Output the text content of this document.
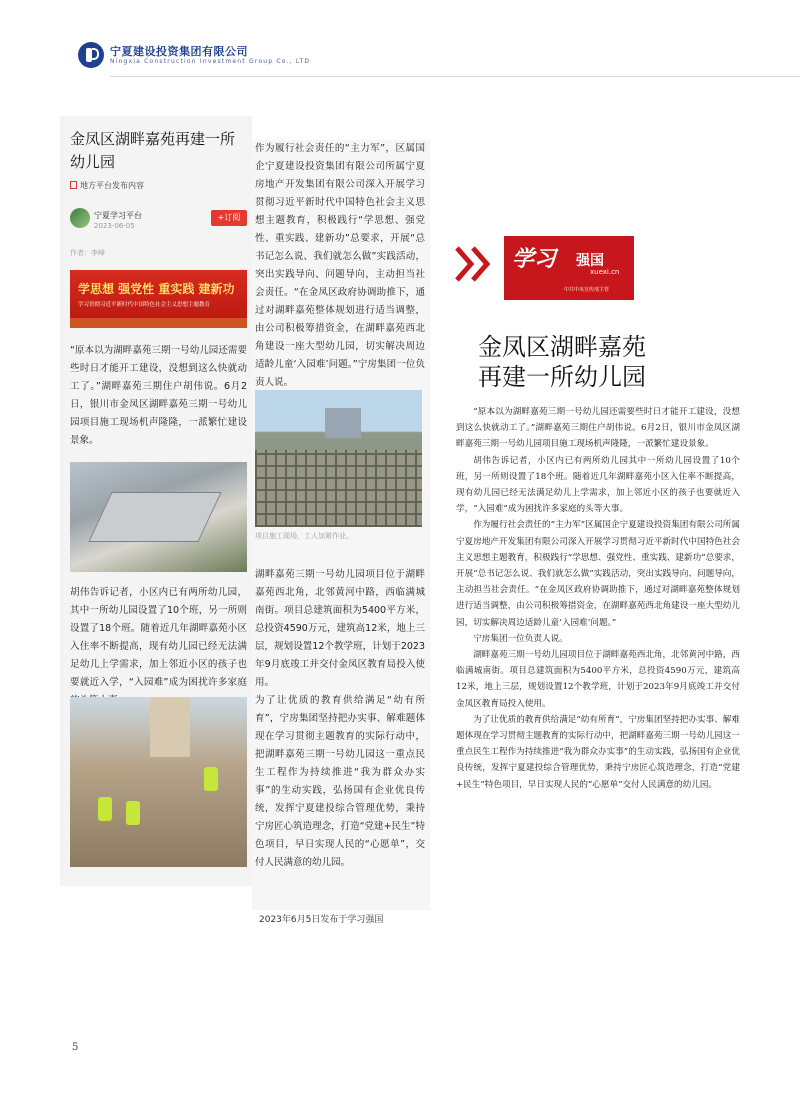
宁夏建设投资集团有限公司
Ningxia Construction Investment Group Co., LTD
金凤区湖畔嘉苑再建一所幼儿园
地方平台发布内容
宁夏学习平台
2023-06-05
+订阅
作者：李峰
学思想 强党性 重实践 建新功
学习贯彻习近平新时代中国特色社会主义思想主题教育
“原本以为湖畔嘉苑三期一号幼儿园还需要些时日才能开工建设，没想到这么快就动工了。”湖畔嘉苑三期住户胡伟说。6月2日，银川市金凤区湖畔嘉苑三期一号幼儿园项目施工现场机声隆隆，一派繁忙建设景象。
胡伟告诉记者，小区内已有两所幼儿园，其中一所幼儿园设置了10个班，另一所则设置了18个班。随着近几年湖畔嘉苑小区入住率不断提高，现有幼儿园已经无法满足幼儿上学需求，加上邻近小区的孩子也要就近入学，“入园难”成为困扰许多家庭
作为履行社会责任的“主力军”，区属国企宁夏建设投资集团有限公司所属宁夏房地产开发集团有限公司深入开展学习贯彻习近平新时代中国特色社会主义思想主题教育，积极践行“学思想、强党性、重实践、建新功”总要求，开展“总书记怎么说、我们就怎么做”实践活动，突出实践导向、问题导向，主动担当社会责任。“在金凤区政府协调助推下，通过对湖畔嘉苑整体规划进行适当调整，由公司积极筹措资金，在湖畔嘉苑西北角建设一座大型幼儿园，切实解决周边适龄儿童‘入园难’问题。”宁房集团一位负责人说。
项目施工现场，工人加紧作业。
湖畔嘉苑三期一号幼儿园项目位于湖畔嘉苑西北角，北邻黄河中路，西临满城南街。项目总建筑面积为5400平方米，总投资4590万元，建筑高12米，地上三层，规划设置12个教学班，计划于2023年9月底竣工并交付金凤区教育局投入使用。
为了让优质的教育供给满足“幼有所育”，宁房集团坚持把办实事、解难题体现在学习贯彻主题教育的实际行动中，把湖畔嘉苑三期一号幼儿园这一重点民生工程作为持续推进“我为群众办实事”的生动实践，弘扬国有企业优良传统，发挥宁夏建投综合管理优势，秉持宁房匠心筑造理念，打造“党建+民生”特色项目，早日实现人民的“心愿单”，交付人民满意的幼儿园。
2023年6月5日发布于学习强国
学习 强国
xuexi.cn
中共中央宣传部主管
金凤区湖畔嘉苑
再建一所幼儿园

“原本以为湖畔嘉苑三期一号幼儿园还需要些时日才能开工建设，没想到这么快就动工了。”湖畔嘉苑三期住户胡伟说。6月2日，银川市金凤区湖畔嘉苑三期一号幼儿园项目施工现场机声隆隆，一派繁忙建设景象。

胡伟告诉记者，小区内已有两所幼儿园其中一所幼儿园设置了10个班，另一所则设置了18个班。随着近几年湖畔嘉苑小区入住率不断提高，现有幼儿园已经无法满足幼儿上学需求，加上邻近小区的孩子也要就近入学，“入园难”成为困扰许多家庭的头等大事。

作为履行社会责任的“主力军”区属国企宁夏建设投资集团有限公司所属宁夏房地产开发集团有限公司深入开展学习贯彻习近平新时代中国特色社会主义思想主题教育，积极践行“学思想、强党性、重实践、建新功”总要求，开展“总书记怎么说、我们就怎么做”实践活动，突出实践导向、问题导向，主动担当社会责任。“在金凤区政府协调助推下，通过对湖畔嘉苑整体规划进行适当调整，由公司积极筹措资金，在湖畔嘉苑西北角建设一座大型幼儿园，切实解决周边适龄儿童‘入园难’问题。”

宁房集团一位负责人说。

湖畔嘉苑三期一号幼儿园项目位于湖畔嘉苑西北角，北邻黄河中路，西临满城南街。项目总建筑面积为5400平方米，总投资4590万元，建筑高12米，地上三层，规划设置12个教学班，计划于2023年9月底竣工并交付金凤区教育局投入使用。

为了让优质的教育供给满足“幼有所育”，宁房集团坚持把办实事、解难题体现在学习贯彻主题教育的实际行动中，把湖畔嘉苑三期一号幼儿园这一重点民生工程作为持续推进“我为群众办实事”的生动实践，弘扬国有企业优良传统，发挥宁夏建投综合管理优势，秉持宁房匠心筑造理念，打造“党建+民生”特色项目，早日实现人民的“心愿单”交付人民满意的幼儿园。

5
